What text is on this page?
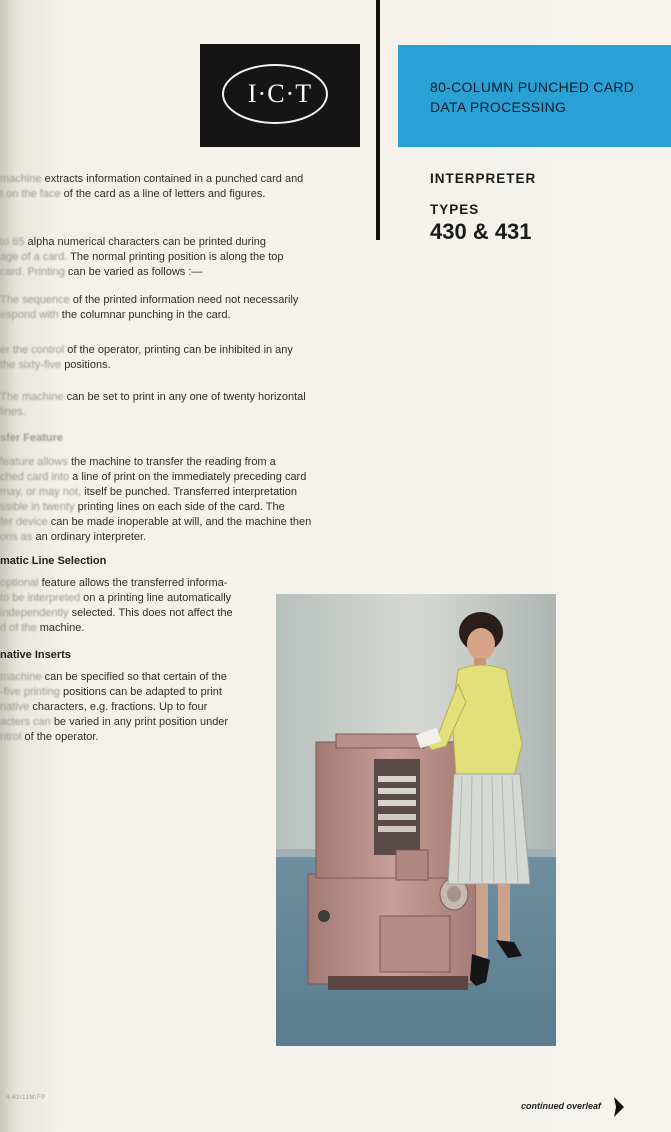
I·C·T	80-COLUMN PUNCHED CARD
DATA PROCESSING
INTERPRETER
TYPES
430 & 431
machine extracts information contained in a punched card and
t on the face of the card as a line of letters and figures.
to 65 alpha numerical characters can be printed during
age of a card. The normal printing position is along the top
card. Printing can be varied as follows :—
The sequence of the printed information need not necessarily
espond with the columnar punching in the card.
er the control of the operator, printing can be inhibited in any
the sixty-five positions.
The machine can be set to print in any one of twenty horizontal
lines.
sfer Feature
feature allows the machine to transfer the reading from a
ched card into a line of print on the immediately preceding card
may, or may not, itself be punched. Transferred interpretation
ssible in twenty printing lines on each side of the card. The
fer device can be made inoperable at will, and the machine then
ons as an ordinary interpreter.
matic Line Selection
optional feature allows the transferred informa-
to be interpreted on a printing line automatically
independently selected. This does not affect the
d of the machine.
native Inserts
machine can be specified so that certain of the
-five printing positions can be adapted to print
native characters, e.g. fractions. Up to four
acters can be varied in any print position under
ntrol of the operator.
4-62/11M/FP
continued overleaf
